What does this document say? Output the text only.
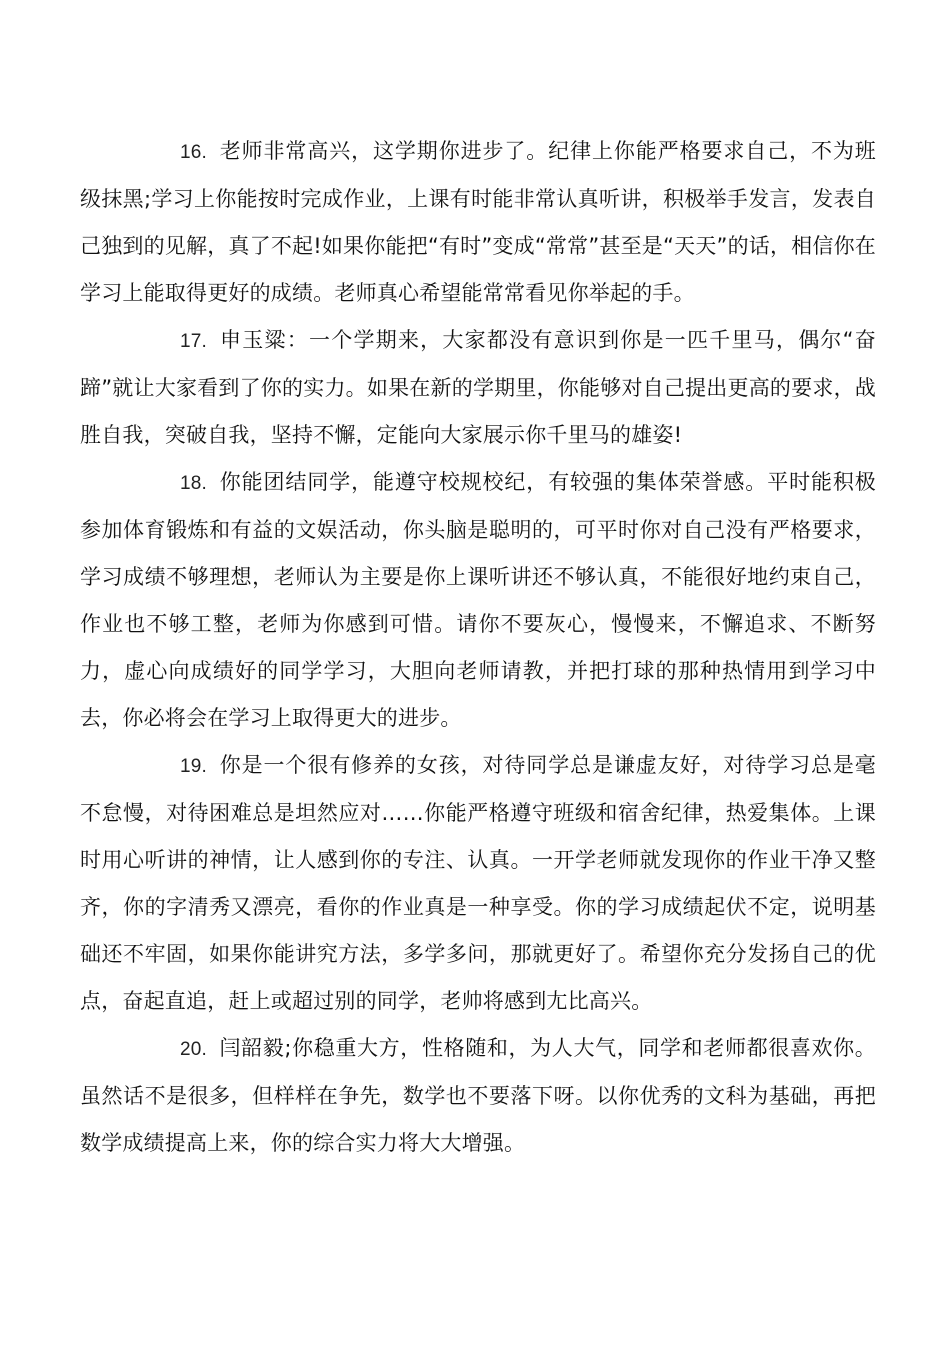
16. 老师非常高兴，这学期你进步了。纪律上你能严格要求自己，不为班级抹黑;学习上你能按时完成作业，上课有时能非常认真听讲，积极举手发言，发表自己独到的见解，真了不起!如果你能把“有时”变成“常常”甚至是“天天”的话，相信你在学习上能取得更好的成绩。老师真心希望能常常看见你举起的手。

17. 申玉粱：一个学期来，大家都没有意识到你是一匹千里马，偶尔“奋蹄”就让大家看到了你的实力。如果在新的学期里，你能够对自己提出更高的要求，战胜自我，突破自我，坚持不懈，定能向大家展示你千里马的雄姿!

18. 你能团结同学，能遵守校规校纪，有较强的集体荣誉感。平时能积极参加体育锻炼和有益的文娱活动，你头脑是聪明的，可平时你对自己没有严格要求，学习成绩不够理想，老师认为主要是你上课听讲还不够认真，不能很好地约束自己，作业也不够工整，老师为你感到可惜。请你不要灰心，慢慢来，不懈追求、不断努力，虚心向成绩好的同学学习，大胆向老师请教，并把打球的那种热情用到学习中去，你必将会在学习上取得更大的进步。

19. 你是一个很有修养的女孩，对待同学总是谦虚友好，对待学习总是毫不怠慢，对待困难总是坦然应对……你能严格遵守班级和宿舍纪律，热爱集体。上课时用心听讲的神情，让人感到你的专注、认真。一开学老师就发现你的作业干净又整齐，你的字清秀又漂亮，看你的作业真是一种享受。你的学习成绩起伏不定，说明基础还不牢固，如果你能讲究方法，多学多问，那就更好了。希望你充分发扬自己的优点，奋起直追，赶上或超过别的同学，老帅将感到尢比高兴。

20. 闫韶毅;你稳重大方，性格随和，为人大气，同学和老师都很喜欢你。虽然话不是很多，但样样在争先，数学也不要落下呀。以你优秀的文科为基础，再把数学成绩提高上来，你的综合实力将大大增强。
